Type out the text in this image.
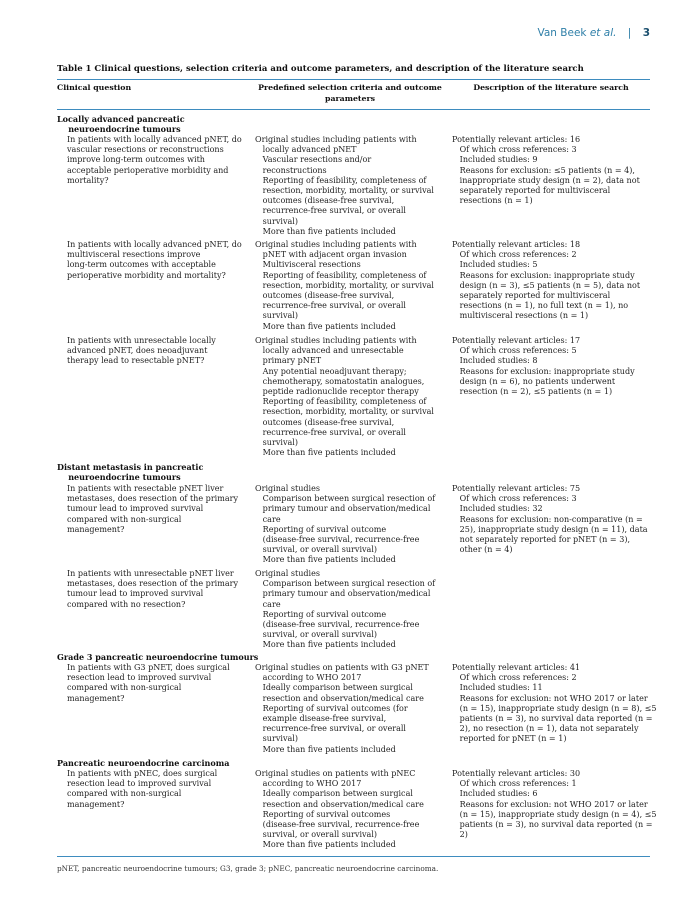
Van Beek et al. | 3
Table 1 Clinical questions, selection criteria and outcome parameters, and description of the literature search
Clinical question	Predefined selection criteria and outcome parameters
Description of the literature search
Locally advanced pancreatic
neuroendocrine tumours
In patients with locally advanced pNET, do
vascular resections or reconstructions
improve long-term outcomes with
acceptable perioperative morbidity and
mortality?
Original studies including patients with
locally advanced pNET
Vascular resections and/or
reconstructions
Reporting of feasibility, completeness of
resection, morbidity, mortality, or survival
outcomes (disease-free survival,
recurrence-free survival, or overall
survival)
More than five patients included
Potentially relevant articles: 16
Of which cross references: 3
Included studies: 9
Reasons for exclusion: ≤5 patients (n = 4),
inappropriate study design (n = 2), data not
separately reported for multivisceral
resections (n = 1)
In patients with locally advanced pNET, do
multivisceral resections improve
long-term outcomes with acceptable
perioperative morbidity and mortality?
Original studies including patients with
pNET with adjacent organ invasion
Multivisceral resections
Reporting of feasibility, completeness of
resection, morbidity, mortality, or survival
outcomes (disease-free survival,
recurrence-free survival, or overall
survival)
More than five patients included
Potentially relevant articles: 18
Of which cross references: 2
Included studies: 5
Reasons for exclusion: inappropriate study
design (n = 3), ≤5 patients (n = 5), data not
separately reported for multivisceral
resections (n = 1), no full text (n = 1), no
multivisceral resections (n = 1)
In patients with unresectable locally
advanced pNET, does neoadjuvant
therapy lead to resectable pNET?
Original studies including patients with
locally advanced and unresectable
primary pNET
Any potential neoadjuvant therapy;
chemotherapy, somatostatin analogues,
peptide radionuclide receptor therapy
Reporting of feasibility, completeness of
resection, morbidity, mortality, or survival
outcomes (disease-free survival,
recurrence-free survival, or overall
survival)
More than five patients included
Potentially relevant articles: 17
Of which cross references: 5
Included studies: 8
Reasons for exclusion: inappropriate study
design (n = 6), no patients underwent
resection (n = 2), ≤5 patients (n = 1)
Distant metastasis in pancreatic
neuroendocrine tumours
In patients with resectable pNET liver
metastases, does resection of the primary
tumour lead to improved survival
compared with non-surgical
management?
Original studies
Comparison between surgical resection of
primary tumour and observation/medical
care
Reporting of survival outcome
(disease-free survival, recurrence-free
survival, or overall survival)
More than five patients included
Potentially relevant articles: 75
Of which cross references: 3
Included studies: 32
Reasons for exclusion: non-comparative (n =
25), inappropriate study design (n = 11), data
not separately reported for pNET (n = 3),
other (n = 4)
In patients with unresectable pNET liver
metastases, does resection of the primary
tumour lead to improved survival
compared with no resection?
Original studies
Comparison between surgical resection of
primary tumour and observation/medical
care
Reporting of survival outcome
(disease-free survival, recurrence-free
survival, or overall survival)
More than five patients included
Grade 3 pancreatic neuroendocrine tumours
In patients with G3 pNET, does surgical
resection lead to improved survival
compared with non-surgical
management?
Original studies on patients with G3 pNET
according to WHO 2017
Ideally comparison between surgical
resection and observation/medical care
Reporting of survival outcomes (for
example disease-free survival,
recurrence-free survival, or overall
survival)
More than five patients included
Potentially relevant articles: 41
Of which cross references: 2
Included studies: 11
Reasons for exclusion: not WHO 2017 or later
(n = 15), inappropriate study design (n = 8), ≤5
patients (n = 3), no survival data reported (n =
2), no resection (n = 1), data not separately
reported for pNET (n = 1)
Pancreatic neuroendocrine carcinoma
In patients with pNEC, does surgical
resection lead to improved survival
compared with non-surgical
management?
Original studies on patients with pNEC
according to WHO 2017
Ideally comparison between surgical
resection and observation/medical care
Reporting of survival outcomes
(disease-free survival, recurrence-free
survival, or overall survival)
More than five patients included
Potentially relevant articles: 30
Of which cross references: 1
Included studies: 6
Reasons for exclusion: not WHO 2017 or later
(n = 15), inappropriate study design (n = 4), ≤5
patients (n = 3), no survival data reported (n =
2)
pNET, pancreatic neuroendocrine tumours; G3, grade 3; pNEC, pancreatic neuroendocrine carcinoma.
